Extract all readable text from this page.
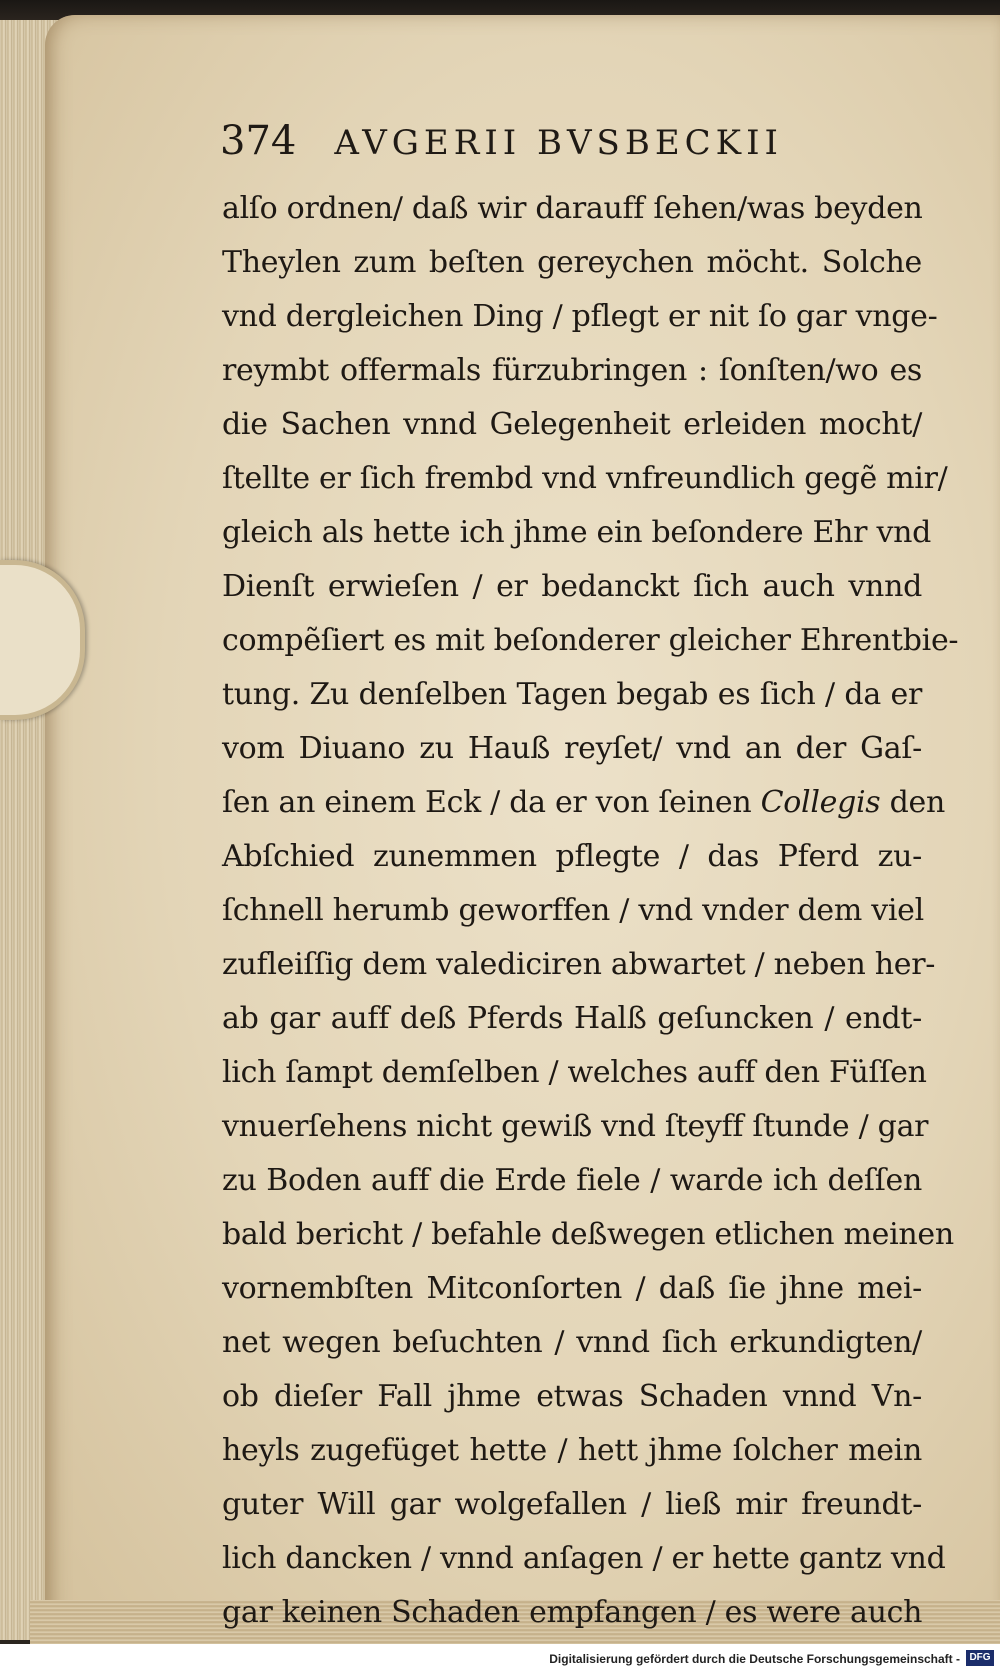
374 AVGERII BVSBECKII
alſo ordnen/ daß wir darauff ſehen/was beyden
Theylen zum beſten gereychen möcht. Solche
vnd dergleichen Ding / pflegt er nit ſo gar vnge-
reymbt offermals fürzubringen : ſonſten/wo es
die Sachen vnnd Gelegenheit erleiden mocht/
ſtellte er ſich frembd vnd vnfreundlich gegẽ mir/
gleich als hette ich jhme ein beſondere Ehr vnd
Dienſt erwieſen / er bedanckt ſich auch vnnd
compẽſiert es mit beſonderer gleicher Ehrentbie-
tung. Zu denſelben Tagen begab es ſich / da er
vom Diuano zu Hauß reyſet/ vnd an der Gaſ-
ſen an einem Eck / da er von ſeinen Collegis den
Abſchied zunemmen pflegte / das Pferd zu-
ſchnell herumb geworffen / vnd vnder dem viel
zufleiſſig dem valediciren abwartet / neben her-
ab gar auff deß Pferds Halß geſuncken / endt-
lich ſampt demſelben / welches auff den Füſſen
vnuerſehens nicht gewiß vnd ſteyff ſtunde / gar
zu Boden auff die Erde fiele / warde ich deſſen
bald bericht / befahle deßwegen etlichen meinen
vornembſten Mitconſorten / daß ſie jhne mei-
net wegen beſuchten / vnnd ſich erkundigten/
ob dieſer Fall jhme etwas Schaden vnnd Vn-
heyls zugefüget hette / hett jhme ſolcher mein
guter Will gar wolgefallen / ließ mir freundt-
lich dancken / vnnd anſagen / er hette gantz vnd
gar keinen Schaden empfangen / es were auch
Digitalisierung gefördert durch die Deutsche Forschungsgemeinschaft - DFG
